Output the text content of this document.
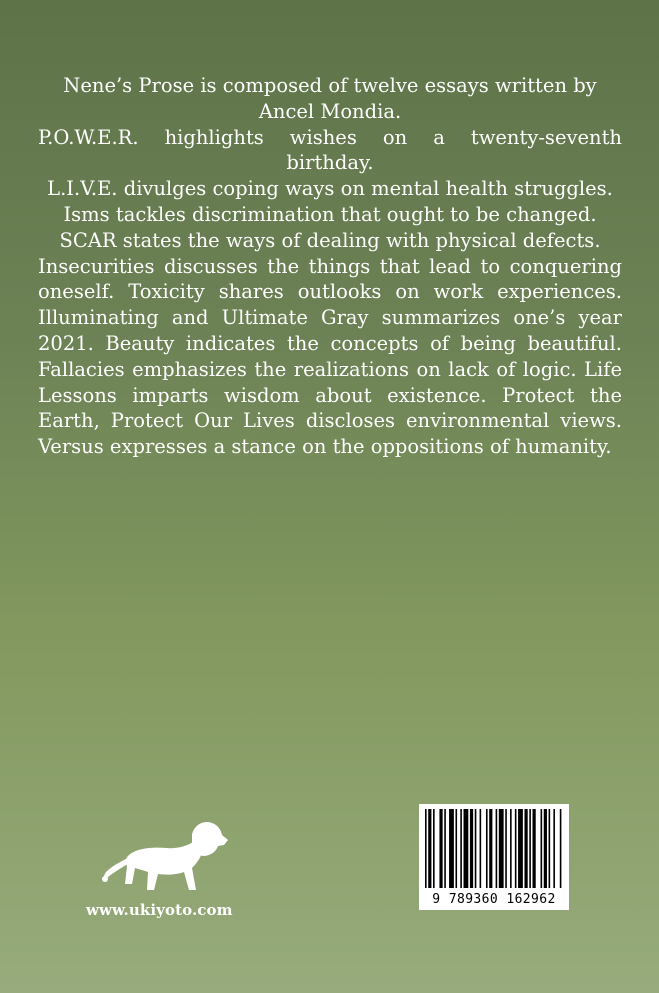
Nene’s Prose is composed of twelve essays written by

Ancel Mondia.

P.O.W.E.R. highlights wishes on a twenty-seventh

birthday.

L.I.V.E. divulges coping ways on mental health struggles.

Isms tackles discrimination that ought to be changed.

SCAR states the ways of dealing with physical defects.

Insecurities discusses the things that lead to conquering oneself. Toxicity shares outlooks on work experiences. Illuminating and Ultimate Gray summarizes one’s year 2021. Beauty indicates the concepts of being beautiful. Fallacies emphasizes the realizations on lack of logic. Life Lessons imparts wisdom about existence. Protect the Earth, Protect Our Lives discloses environmental views. Versus expresses a stance on the oppositions of humanity.

www.ukiyoto.com
9 789360 162962
